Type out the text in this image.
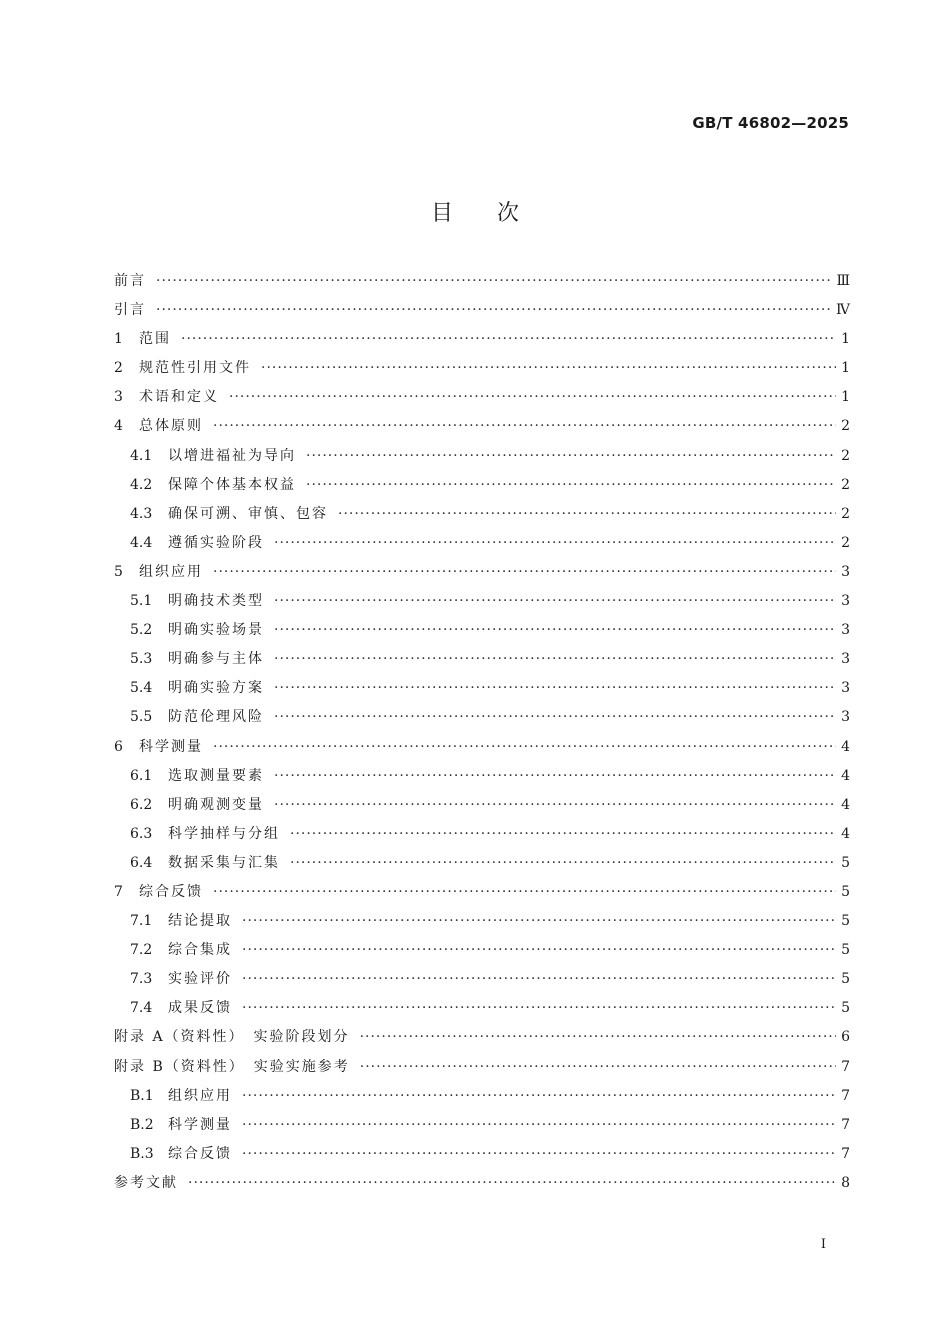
GB/T 46802—2025
目　　次
前言 ·····	Ⅲ
引言 ·····	Ⅳ
1	范围 ·····	1
2	规范性引用文件 ·····	1
3	术语和定义 ·····	1
4	总体原则 ·····	2
4.1	以增进福祉为导向 ·····	2
4.2	保障个体基本权益 ·····	2
4.3	确保可溯、审慎、包容 ·····	2
4.4	遵循实验阶段 ·····	2
5	组织应用 ·····	3
5.1	明确技术类型 ·····	3
5.2	明确实验场景 ·····	3
5.3	明确参与主体 ·····	3
5.4	明确实验方案 ·····	3
5.5	防范伦理风险 ·····	3
6	科学测量 ·····	4
6.1	选取测量要素 ·····	4
6.2	明确观测变量 ·····	4
6.3	科学抽样与分组 ·····	4
6.4	数据采集与汇集 ·····	5
7	综合反馈 ·····	5
7.1	结论提取 ·····	5
7.2	综合集成 ·····	5
7.3	实验评价 ·····	5
7.4	成果反馈 ·····	5
附录 A（资料性）　实验阶段划分 ·····	6
附录 B（资料性）　实验实施参考 ·····	7
B.1	组织应用 ·····	7
B.2	科学测量 ·····	7
B.3	综合反馈 ·····	7
参考文献 ·····	8
Ⅰ
